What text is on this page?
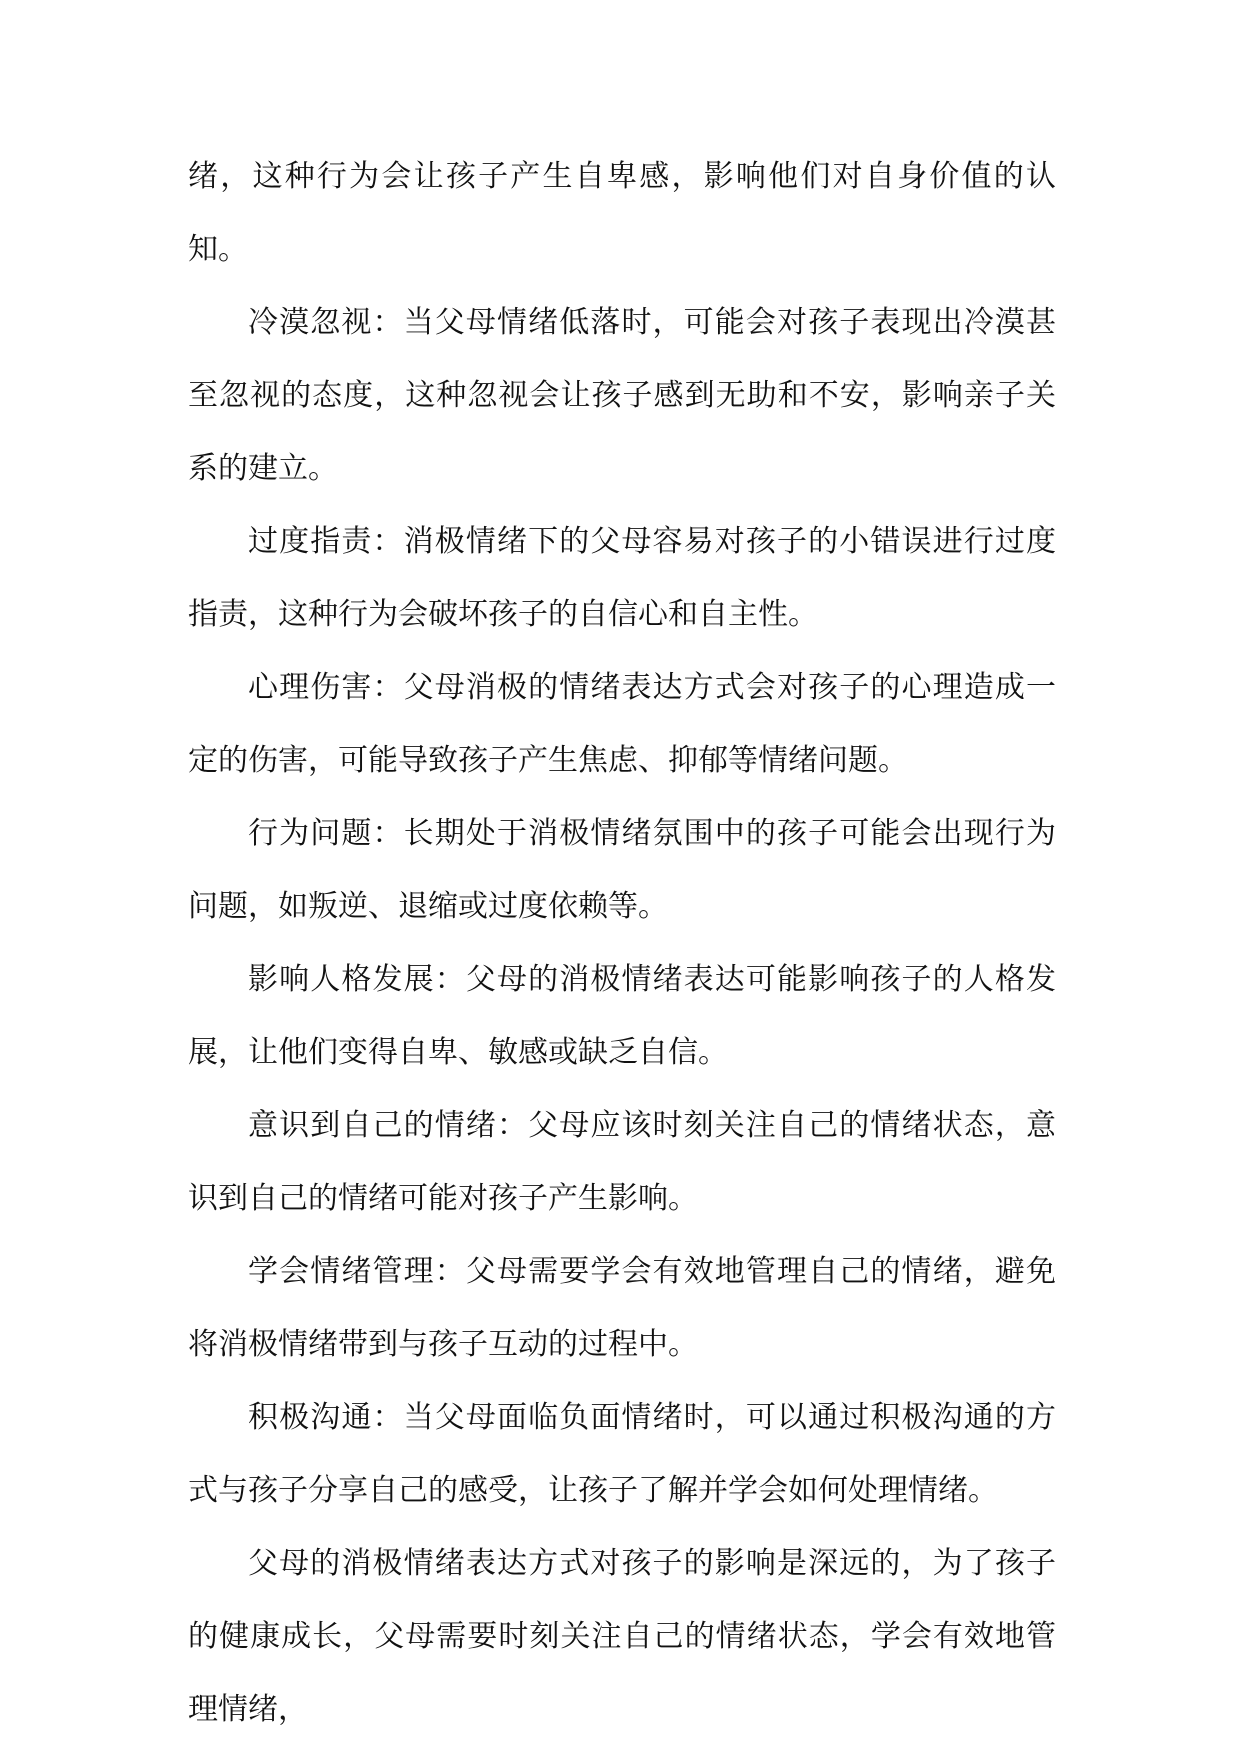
绪，这种行为会让孩子产生自卑感，影响他们对自身价值的认知。

冷漠忽视：当父母情绪低落时，可能会对孩子表现出冷漠甚至忽视的态度，这种忽视会让孩子感到无助和不安，影响亲子关系的建立。

过度指责：消极情绪下的父母容易对孩子的小错误进行过度指责，这种行为会破坏孩子的自信心和自主性。

心理伤害：父母消极的情绪表达方式会对孩子的心理造成一定的伤害，可能导致孩子产生焦虑、抑郁等情绪问题。

行为问题：长期处于消极情绪氛围中的孩子可能会出现行为问题，如叛逆、退缩或过度依赖等。

影响人格发展：父母的消极情绪表达可能影响孩子的人格发展，让他们变得自卑、敏感或缺乏自信。

意识到自己的情绪：父母应该时刻关注自己的情绪状态，意识到自己的情绪可能对孩子产生影响。

学会情绪管理：父母需要学会有效地管理自己的情绪，避免将消极情绪带到与孩子互动的过程中。

积极沟通：当父母面临负面情绪时，可以通过积极沟通的方式与孩子分享自己的感受，让孩子了解并学会如何处理情绪。

父母的消极情绪表达方式对孩子的影响是深远的，为了孩子的健康成长，父母需要时刻关注自己的情绪状态，学会有效地管理情绪，
